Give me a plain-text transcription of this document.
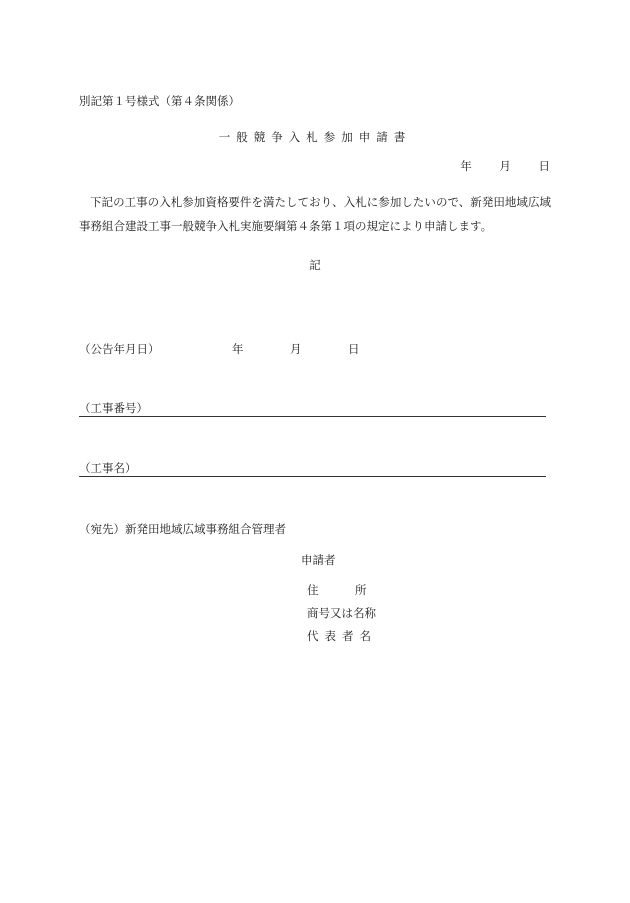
別記第１号様式（第４条関係）
一般競争入札参加申請書
年 月 日
下記の工事の入札参加資格要件を満たしており、入札に参加したいので、新発田地域広域事務組合建設工事一般競争入札実施要綱第４条第１項の規定により申請します。
記
（公告年月日）	年	月	日
（工事番号）
（工事名）
（宛先）新発田地域広域事務組合管理者
申請者
住	所
商号又は名称
代表者名
